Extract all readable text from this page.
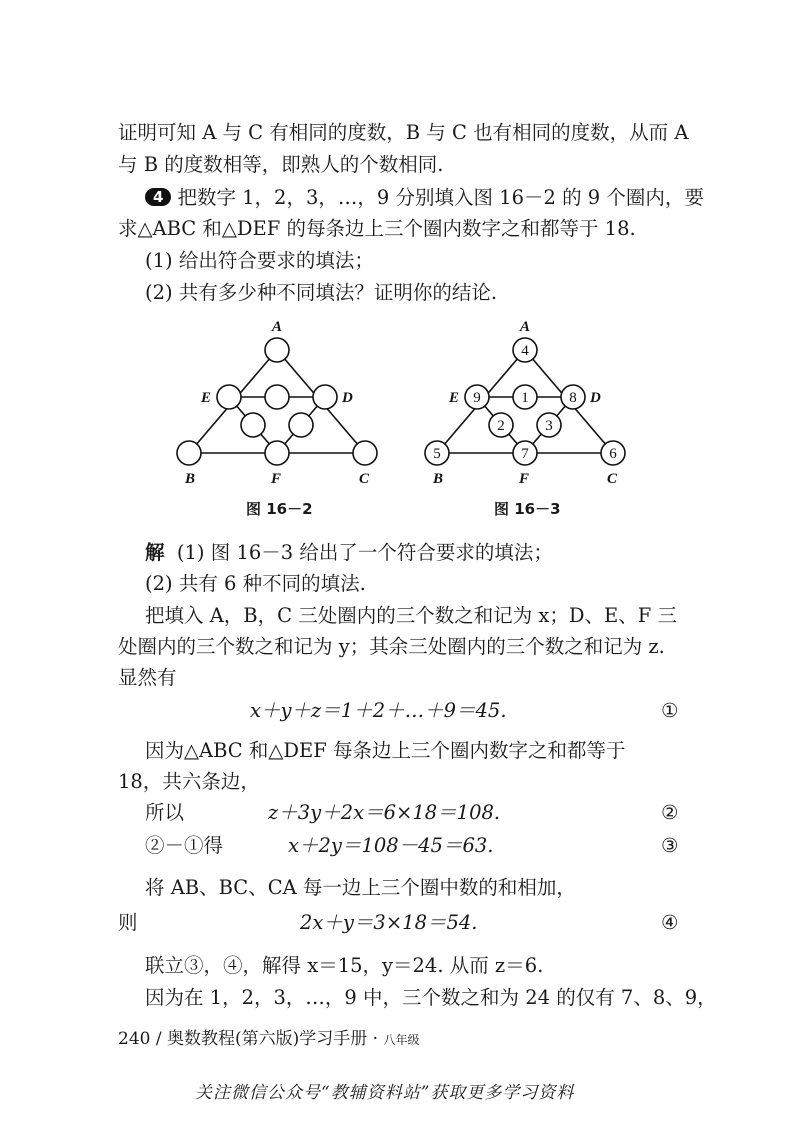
证明可知 A 与 C 有相同的度数，B 与 C 也有相同的度数，从而 A
与 B 的度数相等，即熟人的个数相同.
4 把数字 1，2，3，…，9 分别填入图 16－2 的 9 个圈内，要
求△ABC 和△DEF 的每条边上三个圈内数字之和都等于 18.
(1) 给出符合要求的填法；
(2) 共有多少种不同填法？证明你的结论.
A
E	D
B	F	C
图 16－2
4
9	1	8
2	3
5	7	6
A
E	D
B	F	C
图 16－3
解 (1) 图 16－3 给出了一个符合要求的填法；
(2) 共有 6 种不同的填法.
把填入 A，B，C 三处圈内的三个数之和记为 x；D、E、F 三
处圈内的三个数之和记为 y；其余三处圈内的三个数之和记为 z.
显然有
x＋y＋z＝1＋2＋…＋9＝45.	①
因为△ABC 和△DEF 每条边上三个圈内数字之和都等于
18，共六条边，
所以	z＋3y＋2x＝6×18＝108.	②
②－①得	x＋2y＝108－45＝63.	③
将 AB、BC、CA 每一边上三个圈中数的和相加，
则	2x＋y＝3×18＝54.	④
联立③，④，解得 x＝15，y＝24. 从而 z＝6.
因为在 1，2，3，…，9 中，三个数之和为 24 的仅有 7、8、9，
240 / 奥数教程(第六版)学习手册 · 八年级
关注微信公众号“教辅资料站”获取更多学习资料
